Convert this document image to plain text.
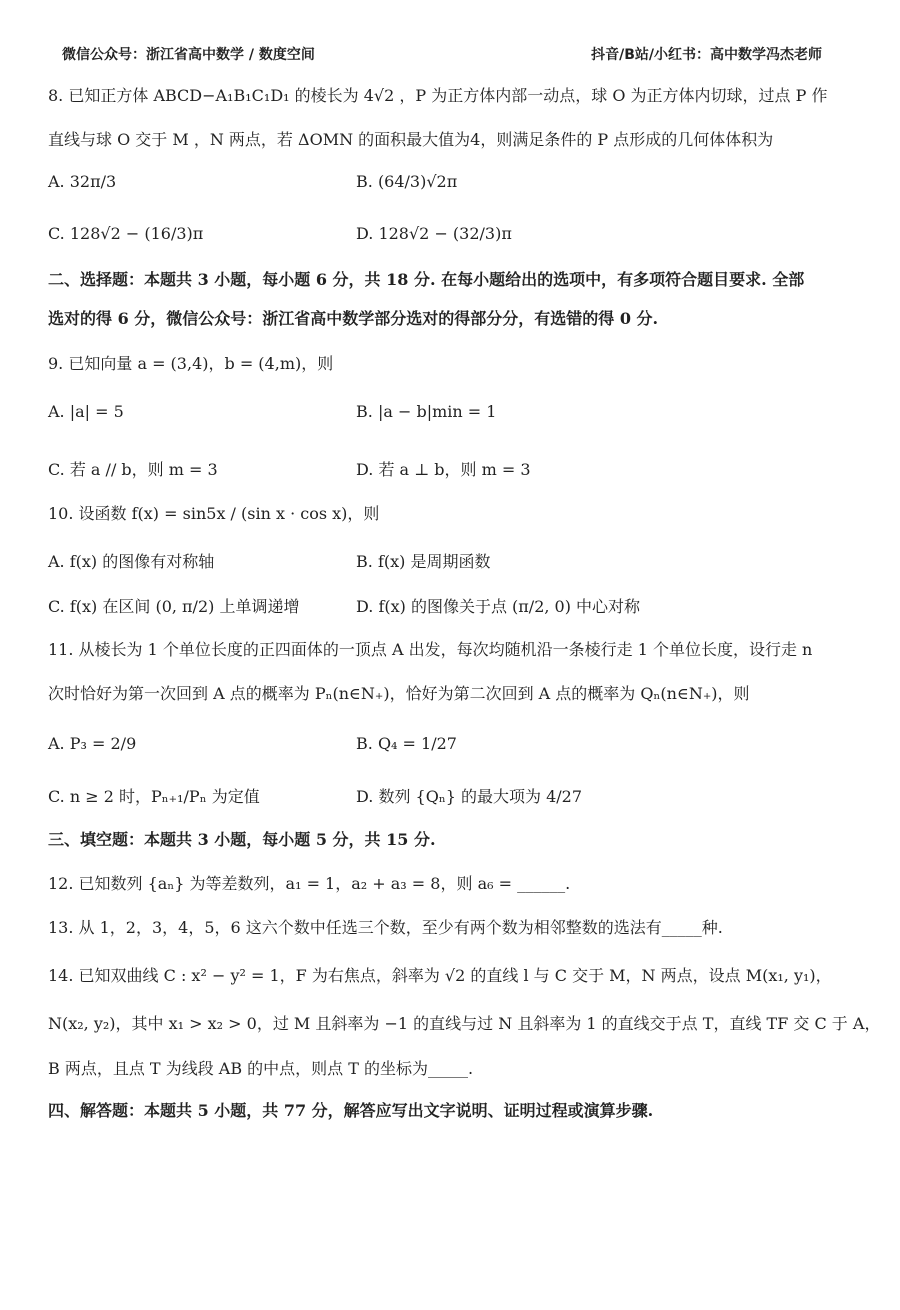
微信公众号：浙江省高中数学 / 数度空间	抖音/B站/小红书：高中数学冯杰老师
8. 已知正方体 ABCD−A₁B₁C₁D₁ 的棱长为 4√2 ，P 为正方体内部一动点，球 O 为正方体内切球，过点 P 作
直线与球 O 交于 M ，N 两点，若 ΔOMN 的面积最大值为4，则满足条件的 P 点形成的几何体体积为
A. 32π/3	B. (64/3)√2π
C. 128√2 − (16/3)π	D. 128√2 − (32/3)π
二、选择题：本题共 3 小题，每小题 6 分，共 18 分. 在每小题给出的选项中，有多项符合题目要求. 全部
选对的得 6 分，微信公众号：浙江省高中数学部分选对的得部分分，有选错的得 0 分.
9. 已知向量 a = (3,4)，b = (4,m)，则
A. |a| = 5	B. |a − b|min = 1
C. 若 a // b，则 m = 3	D. 若 a ⊥ b，则 m = 3
10. 设函数 f(x) = sin5x / (sin x · cos x)，则
A. f(x) 的图像有对称轴	B. f(x) 是周期函数
C. f(x) 在区间 (0, π/2) 上单调递增	D. f(x) 的图像关于点 (π/2, 0) 中心对称
11. 从棱长为 1 个单位长度的正四面体的一顶点 A 出发，每次均随机沿一条棱行走 1 个单位长度，设行走 n
次时恰好为第一次回到 A 点的概率为 Pₙ(n∈N₊)，恰好为第二次回到 A 点的概率为 Qₙ(n∈N₊)，则
A. P₃ = 2/9	B. Q₄ = 1/27
C. n ≥ 2 时，Pₙ₊₁/Pₙ 为定值	D. 数列 {Qₙ} 的最大项为 4/27
三、填空题：本题共 3 小题，每小题 5 分，共 15 分.
12. 已知数列 {aₙ} 为等差数列，a₁ = 1，a₂ + a₃ = 8，则 a₆ = ______.
13. 从 1，2，3，4，5，6 这六个数中任选三个数，至少有两个数为相邻整数的选法有_____种.
14. 已知双曲线 C : x² − y² = 1，F 为右焦点，斜率为 √2 的直线 l 与 C 交于 M，N 两点，设点 M(x₁, y₁)，
N(x₂, y₂)，其中 x₁ > x₂ > 0，过 M 且斜率为 −1 的直线与过 N 且斜率为 1 的直线交于点 T，直线 TF 交 C 于 A，
B 两点，且点 T 为线段 AB 的中点，则点 T 的坐标为_____.
四、解答题：本题共 5 小题，共 77 分，解答应写出文字说明、证明过程或演算步骤.
